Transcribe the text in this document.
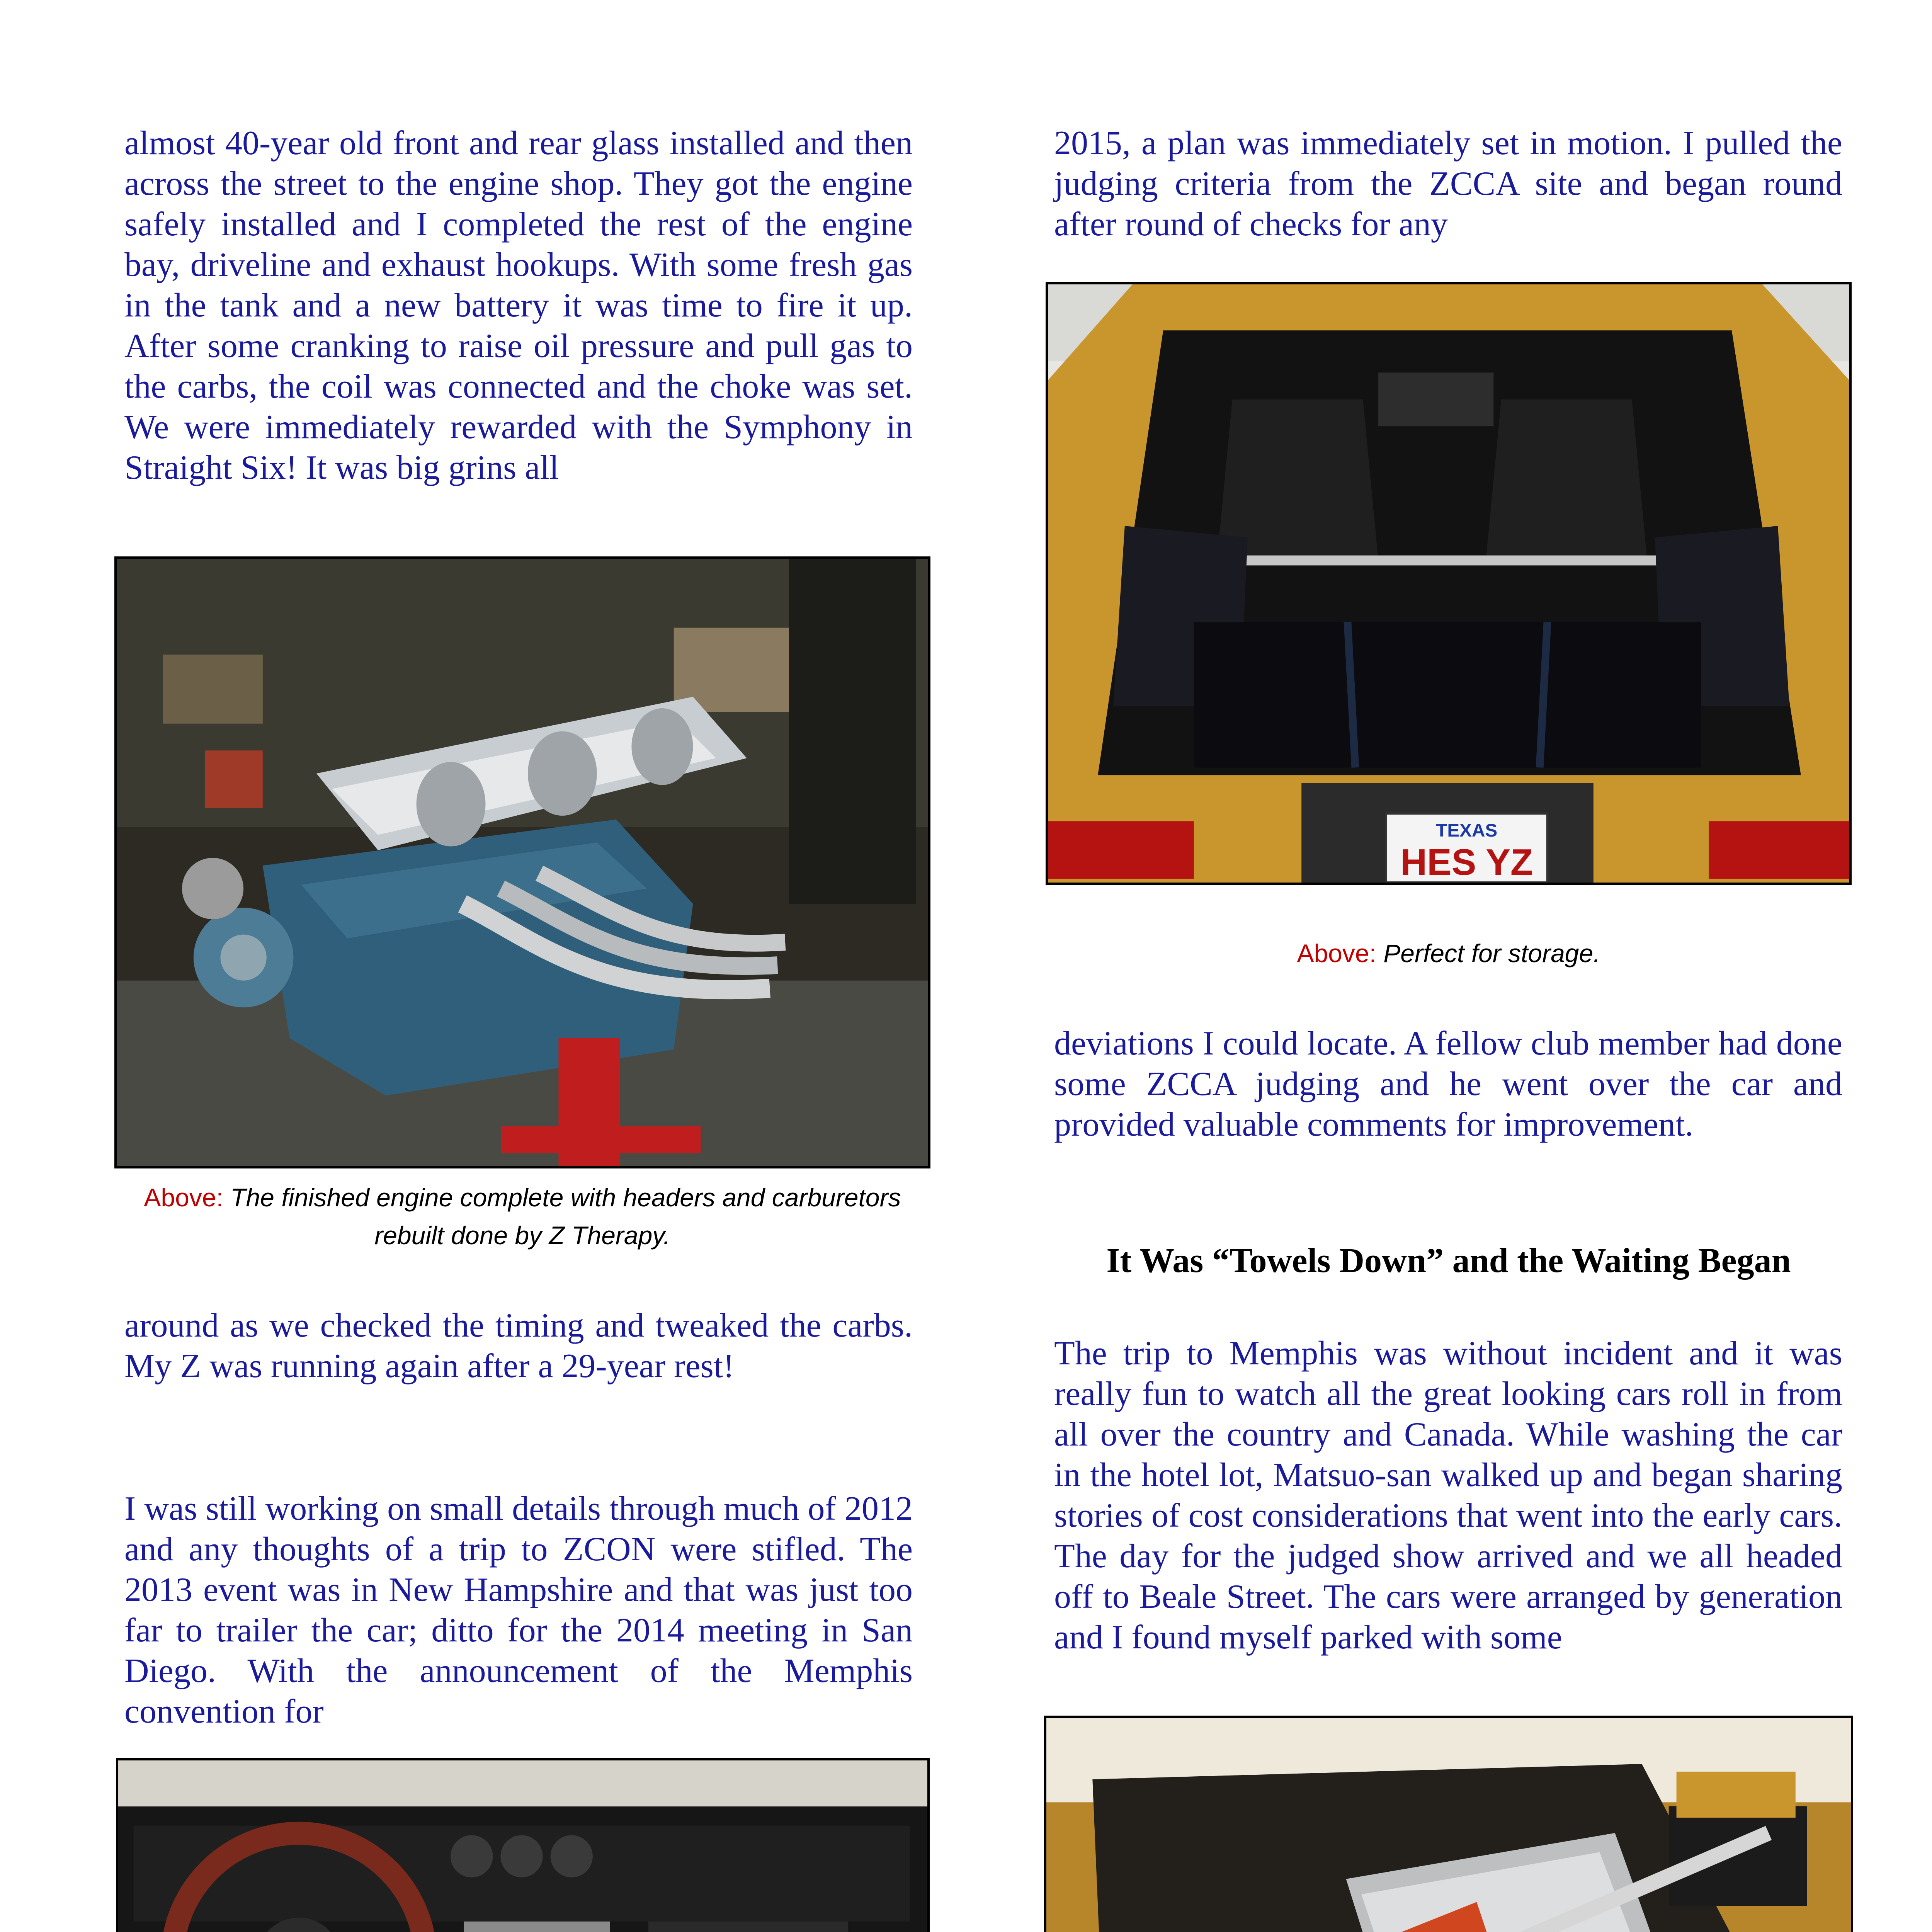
almost 40-year old front and rear glass installed and then across the street to the engine shop. They got the engine safely installed and I completed the rest of the engine bay, driveline and exhaust hookups. With some fresh gas in the tank and a new battery it was time to fire it up. After some cranking to raise oil pressure and pull gas to the carbs, the coil was connected and the choke was set. We were immediately rewarded with the Symphony in Straight Six! It was big grins all

Above: The finished engine complete with headers and carburetors rebuilt done by Z Therapy.

around as we checked the timing and tweaked the carbs. My Z was running again after a 29-year rest!

I was still working on small details through much of 2012 and any thoughts of a trip to ZCON were stifled. The 2013 event was in New Hampshire and that was just too far to trailer the car; ditto for the 2014 meeting in San Diego. With the announcement of the Memphis convention for

2015, a plan was immediately set in motion. I pulled the judging criteria from the ZCCA site and began round after round of checks for any

TEXAS
HES YZ

Above: Perfect for storage.

deviations I could locate. A fellow club member had done some ZCCA judging and he went over the car and provided valuable comments for improvement.

It Was “Towels Down” and the Waiting Began

The trip to Memphis was without incident and it was really fun to watch all the great looking cars roll in from all over the country and Canada. While washing the car in the hotel lot, Matsuo-san walked up and began sharing stories of cost considerations that went into the early cars. The day for the judged show arrived and we all headed off to Beale Street. The cars were arranged by generation and I found myself parked with some
